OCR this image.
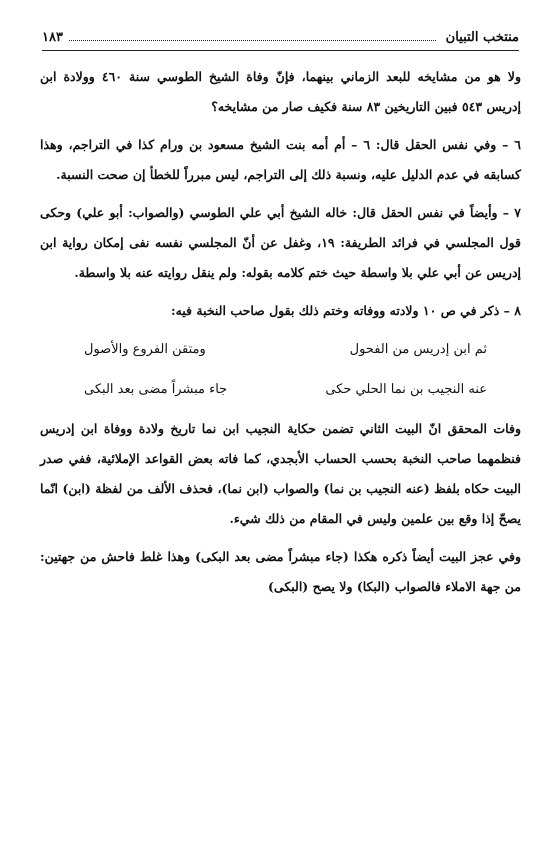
منتخب التبيان
١٨٣

ولا هو من مشايخه للبعد الزماني بينهما، فإنّ وفاة الشيخ الطوسي سنة ٤٦٠ وولادة ابن إدريس ٥٤٣ فبين التاريخين ٨٣ سنة فكيف صار من مشايخه؟

٦ – وفي نفس الحقل قال: ٦ – أم أمه بنت الشيخ مسعود بن ورام كذا في التراجم، وهذا كسابقه في عدم الدليل عليه، ونسبة ذلك إلى التراجم، ليس مبرراً للخطأ إن صحت النسبة.

٧ – وأيضاً في نفس الحقل قال: خاله الشيخ أبي علي الطوسي (والصواب: أبو علي) وحكى قول المجلسي في فرائد الطريفة: ١٩، وغفل عن أنّ المجلسي نفسه نفى إمكان رواية ابن إدريس عن أبي علي بلا واسطة حيث ختم كلامه بقوله: ولم ينقل روايته عنه بلا واسطة.

٨ – ذكر في ص ١٠ ولادته ووفاته وختم ذلك بقول صاحب النخبة فيه:

ثم ابن إدريس من الفحول
ومتقن الفروع والأصول
عنه النجيب بن نما الحلي حكى
جاء مبشراً مضى بعد البكى

وفات المحقق انّ البيت الثاني تضمن حكاية النجيب ابن نما تاريخ ولادة ووفاة ابن إدريس فنظمهما صاحب النخبة بحسب الحساب الأبجدي، كما فاته بعض القواعد الإملائية، ففي صدر البيت حكاه بلفظ (عنه النجيب بن نما) والصواب (ابن نما)، فحذف الألف من لفظة (ابن) انّما يصحّ إذا وقع بين علمين وليس في المقام من ذلك شيء.

وفي عجز البيت أيضاً ذكره هكذا (جاء مبشراً مضى بعد البكى) وهذا غلط فاحش من جهتين: من جهة الاملاء فالصواب (البكا) ولا يصح (البكى)
